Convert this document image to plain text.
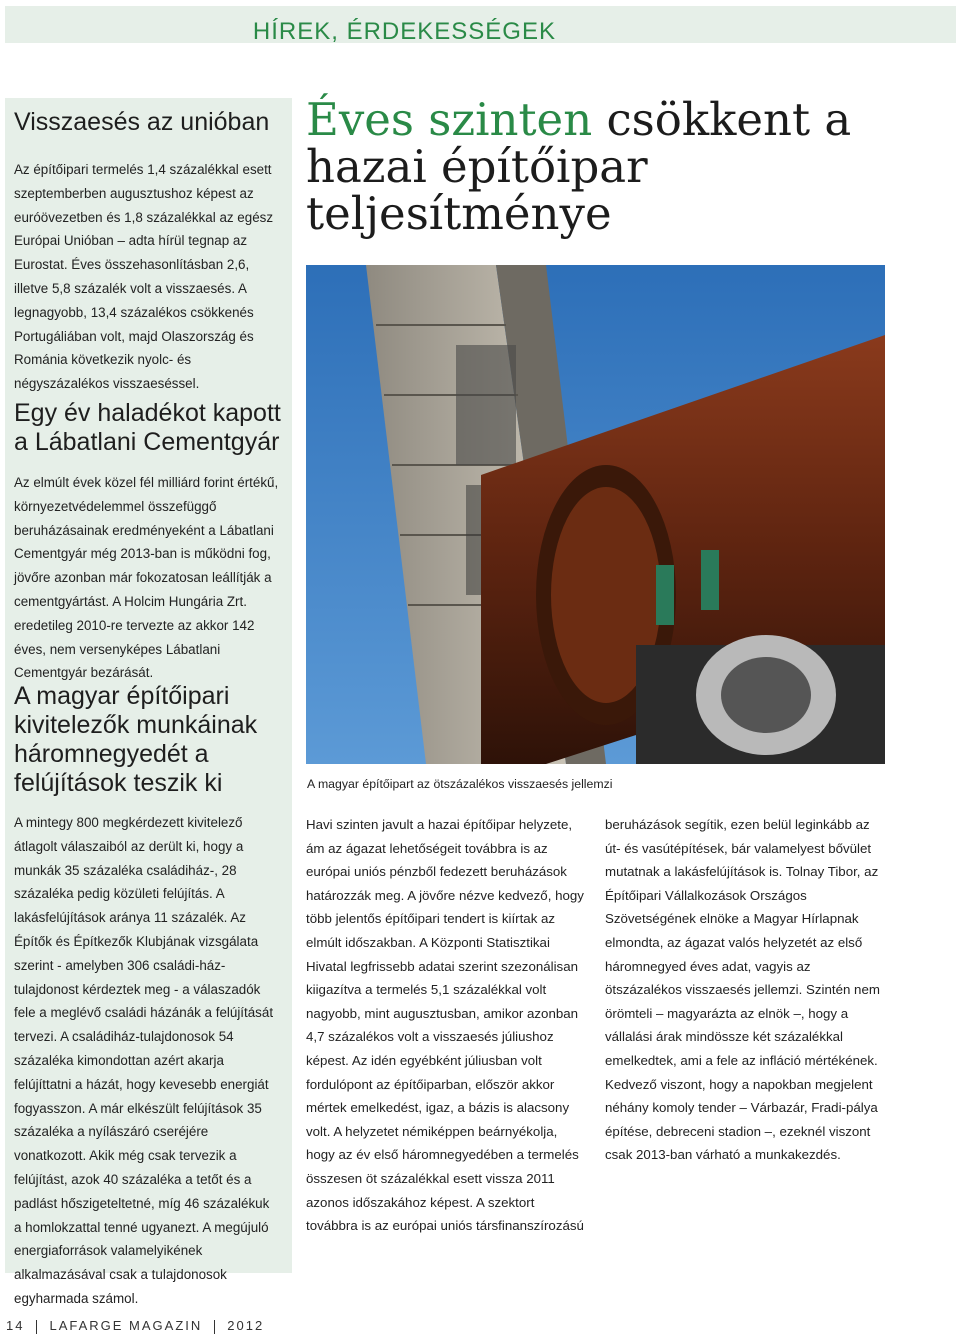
HÍREK, ÉRDEKESSÉGEK
Visszaesés az unióban

Az építőipari termelés 1,4 százalékkal esett szeptemberben augusztushoz képest az euróövezetben és 1,8 százalékkal az egész Európai Unióban – adta hírül tegnap az Eurostat. Éves összehasonlításban 2,6, illetve 5,8 százalék volt a visszaesés. A legnagyobb, 13,4 százalékos csökkenés Portugáliában volt, majd Olaszország és Románia következik nyolc- és négyszázalékos visszaeséssel.

Egy év haladékot kapott a Lábatlani Cementgyár

Az elmúlt évek közel fél milliárd forint értékű, környezetvédelemmel összefüggő beruházásainak eredményeként a Lábatlani Cementgyár még 2013-ban is működni fog, jövőre azonban már fokozatosan leállítják a cementgyártást. A Holcim Hungária Zrt. eredetileg 2010-re tervezte az akkor 142 éves, nem versenyképes Lábatlani Cementgyár bezárását.

A magyar építőipari kivitelezők munkáinak háromnegyedét a felújítások teszik ki

A mintegy 800 megkérdezett kivitelező átlagolt válaszaiból az derült ki, hogy a munkák 35 százaléka családiház-, 28 százaléka pedig közületi felújítás. A lakásfelújítások aránya 11 százalék. Az Építők és Építkezők Klubjának vizsgálata szerint - amelyben 306 családi-ház-tulajdonost kérdeztek meg - a válaszadók fele a meglévő családi házánák a felújítását tervezi. A családiház-tulajdonosok 54 százaléka kimondottan azért akarja felújíttatni a házát, hogy kevesebb energiát fogyasszon. A már elkészült felújítások 35 százaléka a nyílászáró cseréjére vonatkozott. Akik még csak tervezik a felújítást, azok 40 százaléka a tetőt és a padlást hőszigeteltetné, míg 46 százalékuk a homlokzattal tenné ugyanezt. A megújuló energiaforrások valamelyikének alkalmazásával csak a tulajdonosok egyharmada számol.

Éves szinten csökkent a hazai építőipar teljesítménye
A magyar építőipart az ötszázalékos visszaesés jellemzi

Havi szinten javult a hazai építőipar helyzete, ám az ágazat lehetőségeit továbbra is az európai uniós pénzből fedezett beruházások határozzák meg. A jövőre nézve kedvező, hogy több jelentős építőipari tendert is kiírtak az elmúlt időszakban. A Központi Statisztikai Hivatal legfrissebb adatai szerint szezonálisan kiigazítva a termelés 5,1 százalékkal volt nagyobb, mint augusztusban, amikor azonban 4,7 százalékos volt a visszaesés júliushoz képest. Az idén egyébként júliusban volt fordulópont az építőiparban, először akkor mértek emelkedést, igaz, a bázis is alacsony volt. A helyzetet némiképpen beárnyékolja, hogy az év első háromnegyedében a termelés összesen öt százalékkal esett vissza 2011 azonos időszakához képest. A szektort továbbra is az európai uniós társfinanszírozású

beruházások segítik, ezen belül leginkább az út- és vasútépítések, bár valamelyest bővület mutatnak a lakásfelújítások is. Tolnay Tibor, az Építőipari Vállalkozások Országos Szövetségének elnöke a Magyar Hírlapnak elmondta, az ágazat valós helyzetét az első háromnegyed éves adat, vagyis az ötszázalékos visszaesés jellemzi. Szintén nem örömteli – magyarázta az elnök –, hogy a vállalási árak mindössze két százalékkal emelkedtek, ami a fele az infláció mértékének. Kedvező viszont, hogy a napokban megjelent néhány komoly tender – Várbazár, Fradi-pálya építése, debreceni stadion –, ezeknél viszont csak 2013-ban várható a munkakezdés.

14 LAFARGE MAGAZIN 2012
